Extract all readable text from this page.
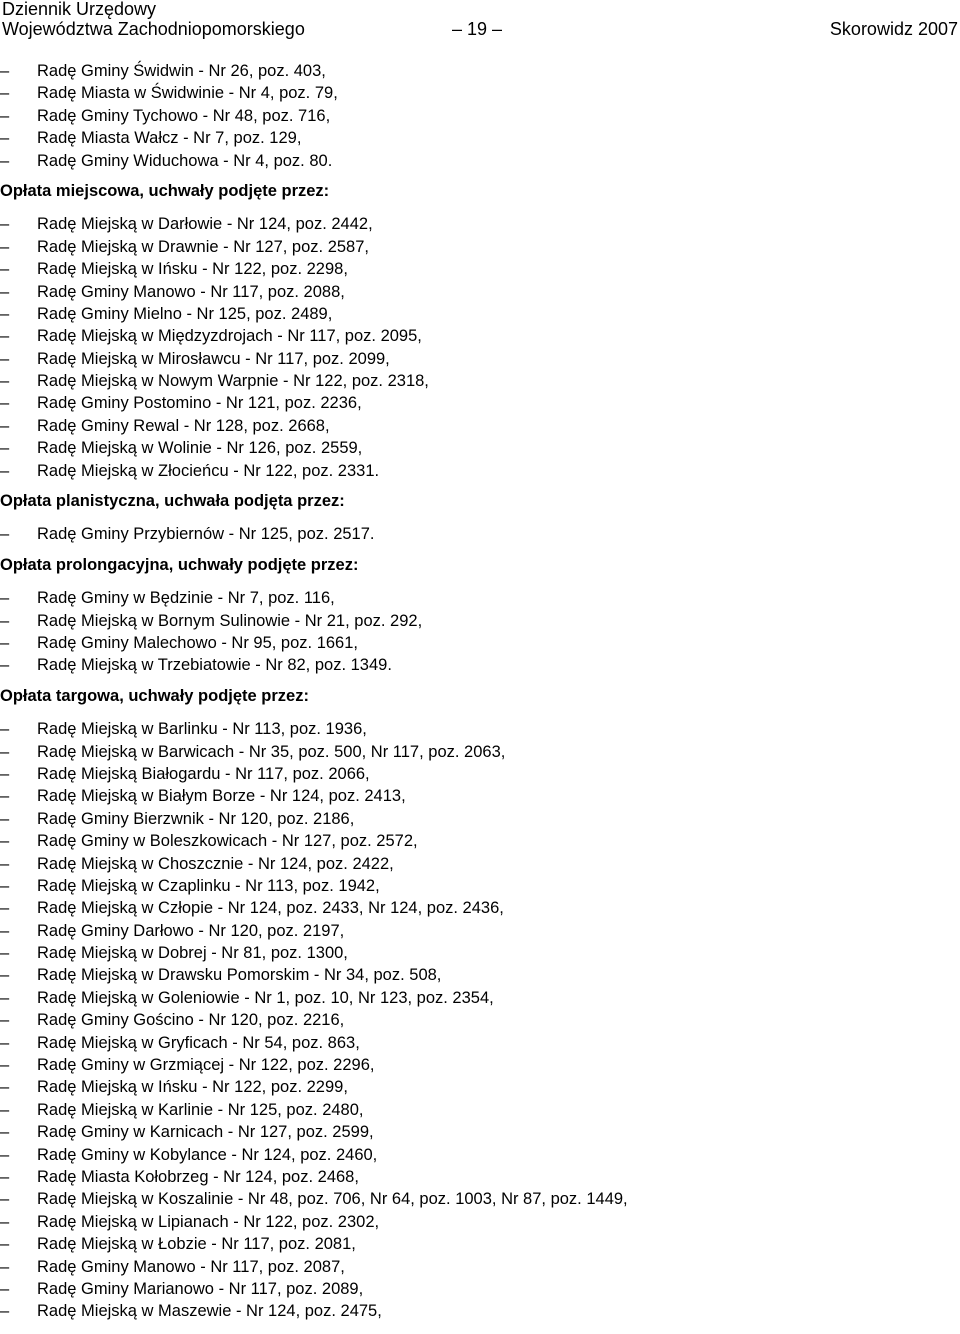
Dziennik Urzędowy
Województwa Zachodniopomorskiego	– 19 –	Skorowidz 2007
–	Radę Gminy Świdwin - Nr 26, poz. 403,
–	Radę Miasta w Świdwinie - Nr 4, poz. 79,
–	Radę Gminy Tychowo - Nr 48, poz. 716,
–	Radę Miasta Wałcz - Nr 7, poz. 129,
–	Radę Gminy Widuchowa - Nr 4, poz. 80.
Opłata miejscowa, uchwały podjęte przez:
–	Radę Miejską w Darłowie - Nr 124, poz. 2442,
–	Radę Miejską w Drawnie - Nr 127, poz. 2587,
–	Radę Miejską w Ińsku - Nr 122, poz. 2298,
–	Radę Gminy Manowo - Nr 117, poz. 2088,
–	Radę Gminy Mielno - Nr 125, poz. 2489,
–	Radę Miejską w Międzyzdrojach - Nr 117, poz. 2095,
–	Radę Miejską w Mirosławcu - Nr 117, poz. 2099,
–	Radę Miejską w Nowym Warpnie - Nr 122, poz. 2318,
–	Radę Gminy Postomino - Nr 121, poz. 2236,
–	Radę Gminy Rewal - Nr 128, poz. 2668,
–	Radę Miejską w Wolinie - Nr 126, poz. 2559,
–	Radę Miejską w Złocieńcu - Nr 122, poz. 2331.
Opłata planistyczna, uchwała podjęta przez:
–	Radę Gminy Przybiernów - Nr 125, poz. 2517.
Opłata prolongacyjna, uchwały podjęte przez:
–	Radę Gminy w Będzinie - Nr 7, poz. 116,
–	Radę Miejską w Bornym Sulinowie - Nr 21, poz. 292,
–	Radę Gminy Malechowo - Nr 95, poz. 1661,
–	Radę Miejską w Trzebiatowie - Nr 82, poz. 1349.
Opłata targowa, uchwały podjęte przez:
–	Radę Miejską w Barlinku - Nr 113, poz. 1936,
–	Radę Miejską w Barwicach - Nr 35, poz. 500, Nr 117, poz. 2063,
–	Radę Miejską Białogardu - Nr 117, poz. 2066,
–	Radę Miejską w Białym Borze - Nr 124, poz. 2413,
–	Radę Gminy Bierzwnik - Nr 120, poz. 2186,
–	Radę Gminy w Boleszkowicach - Nr 127, poz. 2572,
–	Radę Miejską w Choszcznie - Nr 124, poz. 2422,
–	Radę Miejską w Czaplinku - Nr 113, poz. 1942,
–	Radę Miejską w Człopie - Nr 124, poz. 2433, Nr 124, poz. 2436,
–	Radę Gminy Darłowo - Nr 120, poz. 2197,
–	Radę Miejską w Dobrej - Nr 81, poz. 1300,
–	Radę Miejską w Drawsku Pomorskim - Nr 34, poz. 508,
–	Radę Miejską w Goleniowie - Nr 1, poz. 10, Nr 123, poz. 2354,
–	Radę Gminy Gościno - Nr 120, poz. 2216,
–	Radę Miejską w Gryficach - Nr 54, poz. 863,
–	Radę Gminy w Grzmiącej - Nr 122, poz. 2296,
–	Radę Miejską w Ińsku - Nr 122, poz. 2299,
–	Radę Miejską w Karlinie - Nr 125, poz. 2480,
–	Radę Gminy w Karnicach - Nr 127, poz. 2599,
–	Radę Gminy w Kobylance - Nr 124, poz. 2460,
–	Radę Miasta Kołobrzeg - Nr 124, poz. 2468,
–	Radę Miejską w Koszalinie - Nr 48, poz. 706, Nr 64, poz. 1003, Nr 87, poz. 1449,
–	Radę Miejską w Lipianach - Nr 122, poz. 2302,
–	Radę Miejską w Łobzie - Nr 117, poz. 2081,
–	Radę Gminy Manowo - Nr 117, poz. 2087,
–	Radę Gminy Marianowo - Nr 117, poz. 2089,
–	Radę Miejską w Maszewie - Nr 124, poz. 2475,
